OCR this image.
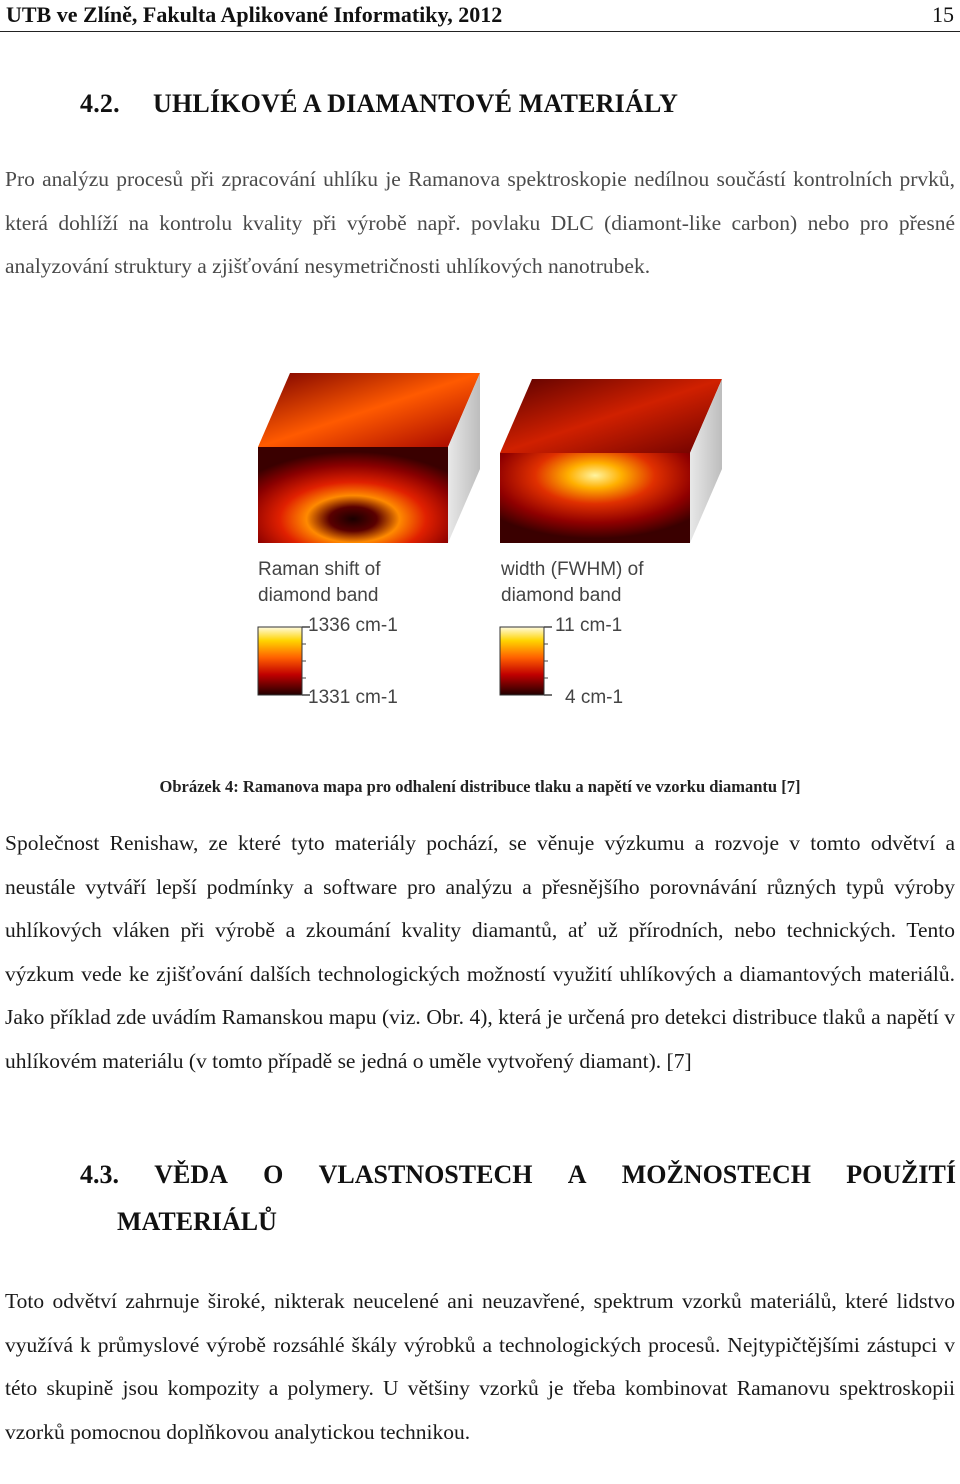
UTB ve Zlíně, Fakulta Aplikované Informatiky, 2012	15
4.2. UHLÍKOVÉ A DIAMANTOVÉ MATERIÁLY
Pro analýzu procesů při zpracování uhlíku je Ramanova spektroskopie nedílnou součástí kontrolních prvků, která dohlíží na kontrolu kvality při výrobě např. povlaku DLC (diamont-like carbon) nebo pro přesné analyzování struktury a zjišťování nesymetričnosti uhlíkových nanotrubek.
Raman shift of
diamond band
1336 cm-1
1331 cm-1
width (FWHM) of
diamond band
11 cm-1
4 cm-1
Obrázek 4: Ramanova mapa pro odhalení distribuce tlaku a napětí ve vzorku diamantu [7]
Společnost Renishaw, ze které tyto materiály pochází, se věnuje výzkumu a rozvoje v tomto odvětví a neustále vytváří lepší podmínky a software pro analýzu a přesnějšího porovnávání různých typů výroby uhlíkových vláken při výrobě a zkoumání kvality diamantů, ať už přírodních, nebo technických. Tento výzkum vede ke zjišťování dalších technologických možností využití uhlíkových a diamantových materiálů. Jako příklad zde uvádím Ramanskou mapu (viz. Obr. 4), která je určená pro detekci distribuce tlaků a napětí v uhlíkovém materiálu (v tomto případě se jedná o uměle vytvořený diamant). [7]
4.3. VĚDA O VLASTNOSTECH A MOŽNOSTECH POUŽITÍ
MATERIÁLŮ
Toto odvětví zahrnuje široké, nikterak neucelené ani neuzavřené, spektrum vzorků materiálů, které lidstvo využívá k průmyslové výrobě rozsáhlé škály výrobků a technologických procesů. Nejtypičtějšími zástupci v této skupině jsou kompozity a polymery. U většiny vzorků je třeba kombinovat Ramanovu spektroskopii vzorků pomocnou doplňkovou analytickou technikou.
